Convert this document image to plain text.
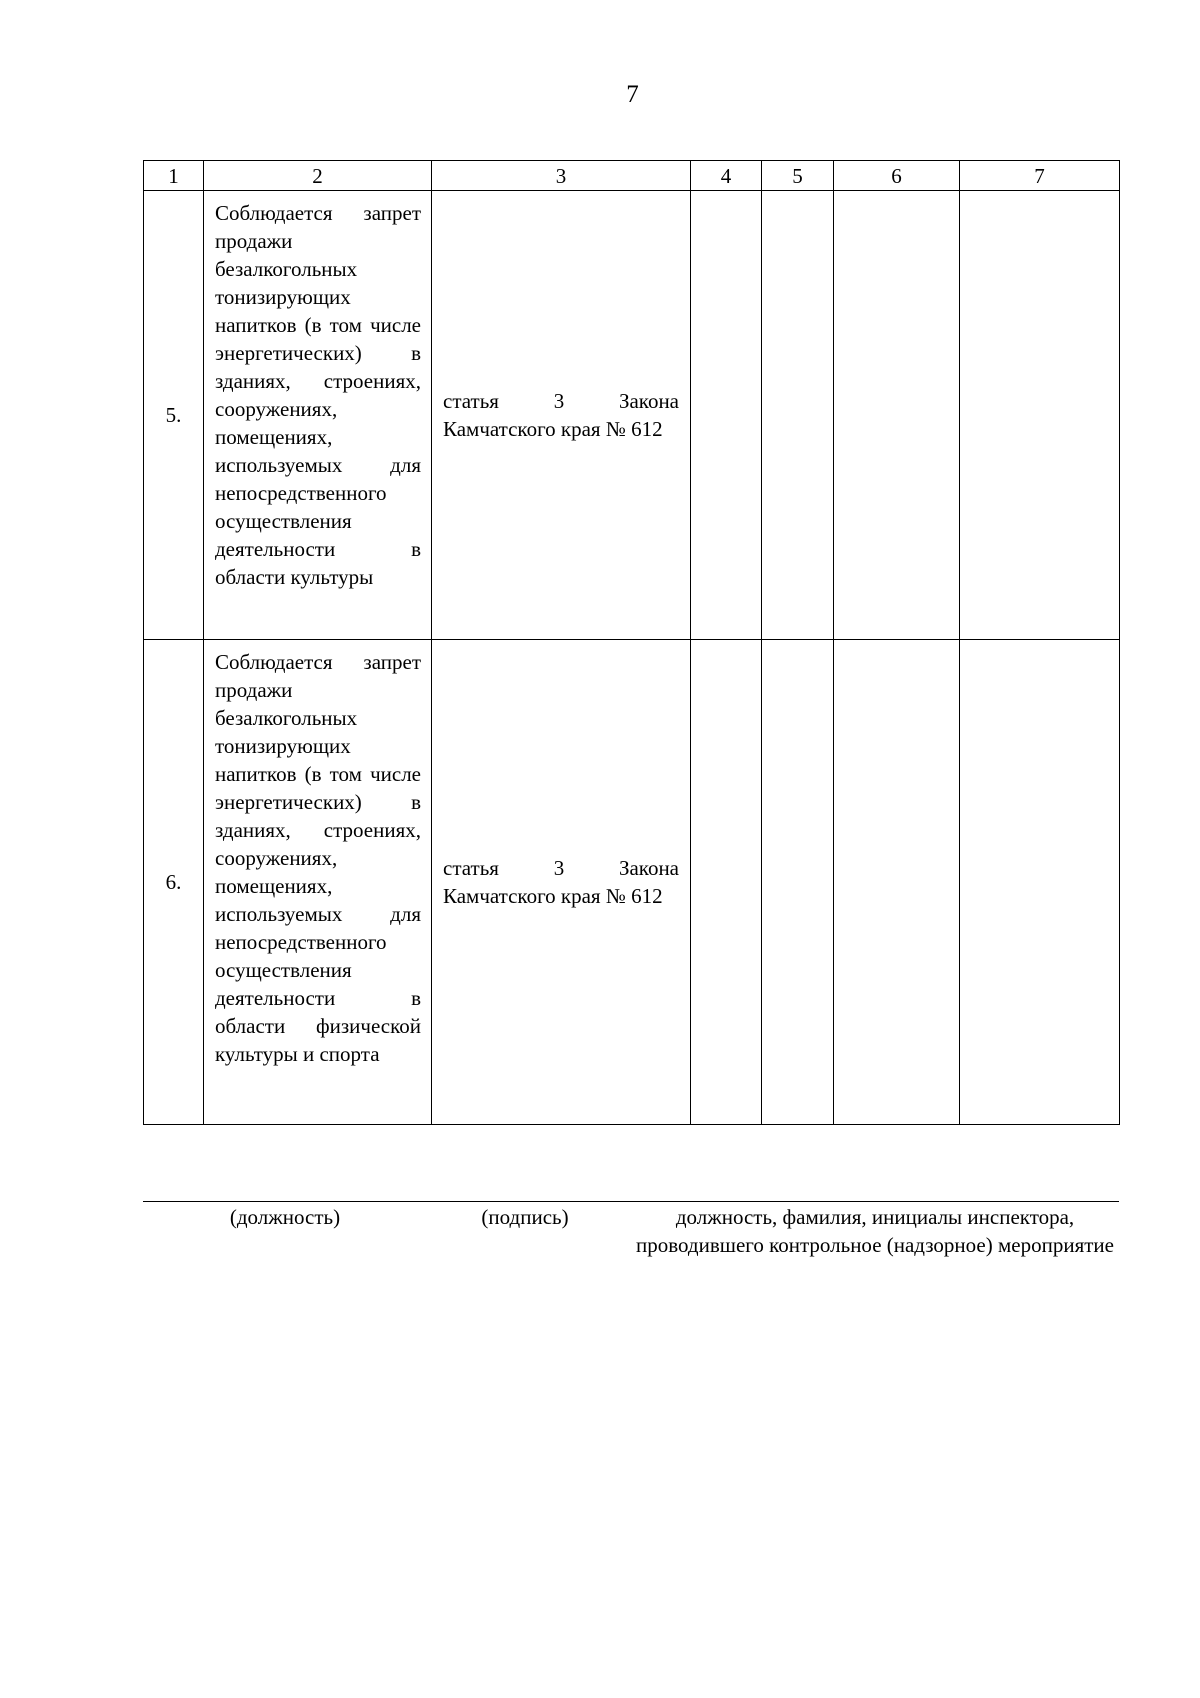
7
1	2	3	4	5	6	7
5.	Соблюдается запрет продажи безалкогольных тонизирующих напитков (в том числе энергетических) в зданиях, строениях, сооружениях, помещениях, используемых для непосредственного осуществления деятельности в области культуры	статья 3 Закона Камчатского края № 612				
6.	Соблюдается запрет продажи безалкогольных тонизирующих напитков (в том числе энергетических) в зданиях, строениях, сооружениях, помещениях, используемых для непосредственного осуществления деятельности в области физической культуры и спорта	статья 3 Закона Камчатского края № 612				
(должность)	(подпись)	должность, фамилия, инициалы инспектора, проводившего контрольное (надзорное) мероприятие
